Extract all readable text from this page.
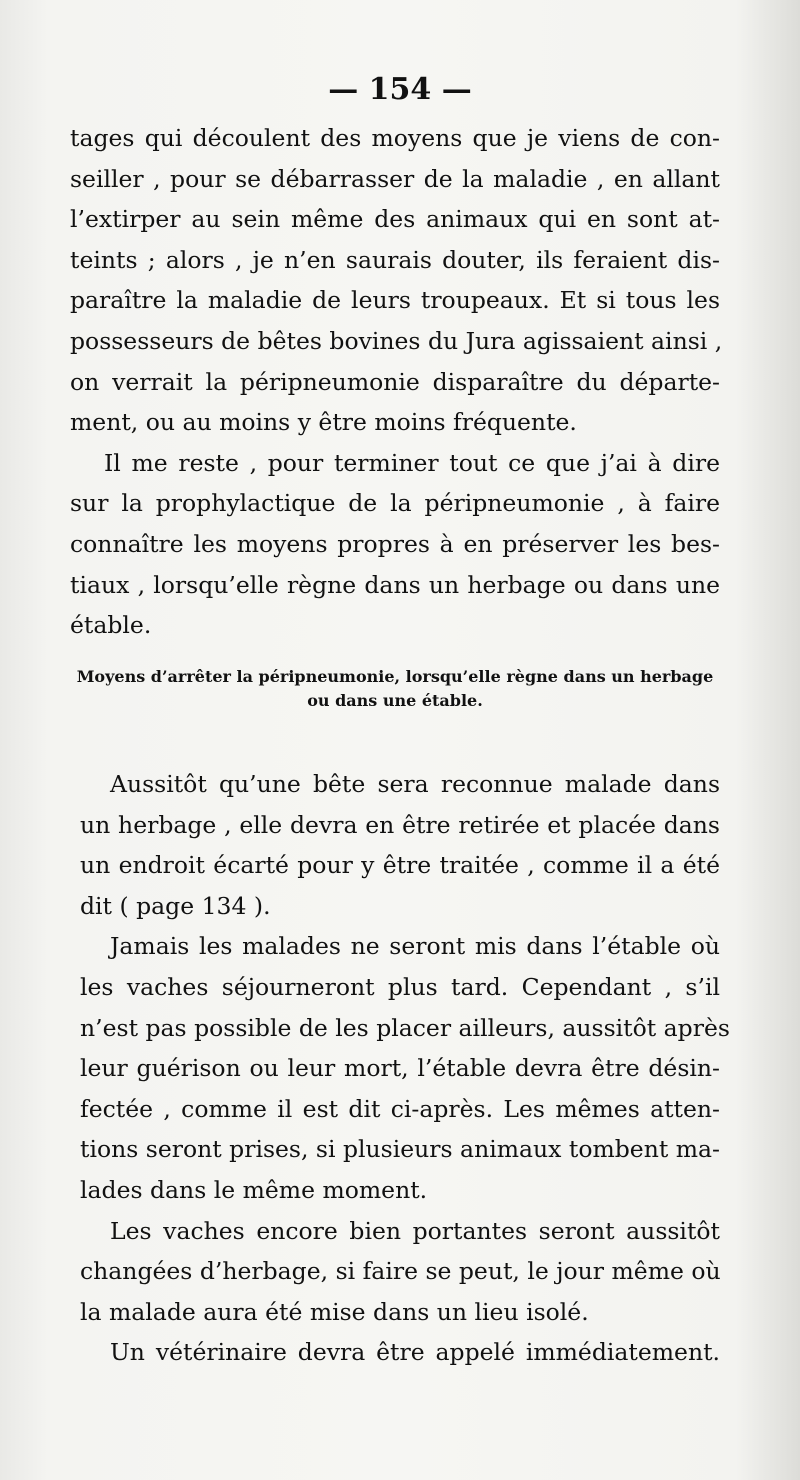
— 154 —
tages qui découlent des moyens que je viens de con-
seiller , pour se débarrasser de la maladie , en allant
l’extirper au sein même des animaux qui en sont at-
teints ; alors , je n’en saurais douter, ils feraient dis-
paraître la maladie de leurs troupeaux. Et si tous les
possesseurs de bêtes bovines du Jura agissaient ainsi ,
on verrait la péripneumonie disparaître du départe-
ment, ou au moins y être moins fréquente.
Il me reste , pour terminer tout ce que j’ai à dire
sur la prophylactique de la péripneumonie , à faire
connaître les moyens propres à en préserver les bes-
tiaux , lorsqu’elle règne dans un herbage ou dans une
étable.
Moyens d’arrêter la péripneumonie, lorsqu’elle règne dans un herbage
ou dans une étable.
Aussitôt qu’une bête sera reconnue malade dans
un herbage , elle devra en être retirée et placée dans
un endroit écarté pour y être traitée , comme il a été
dit ( page 134 ).
Jamais les malades ne seront mis dans l’étable où
les vaches séjourneront plus tard. Cependant , s’il
n’est pas possible de les placer ailleurs, aussitôt après
leur guérison ou leur mort, l’étable devra être désin-
fectée , comme il est dit ci-après. Les mêmes atten-
tions seront prises, si plusieurs animaux tombent ma-
lades dans le même moment.
Les vaches encore bien portantes seront aussitôt
changées d’herbage, si faire se peut, le jour même où
la malade aura été mise dans un lieu isolé.
Un vétérinaire devra être appelé immédiatement.
